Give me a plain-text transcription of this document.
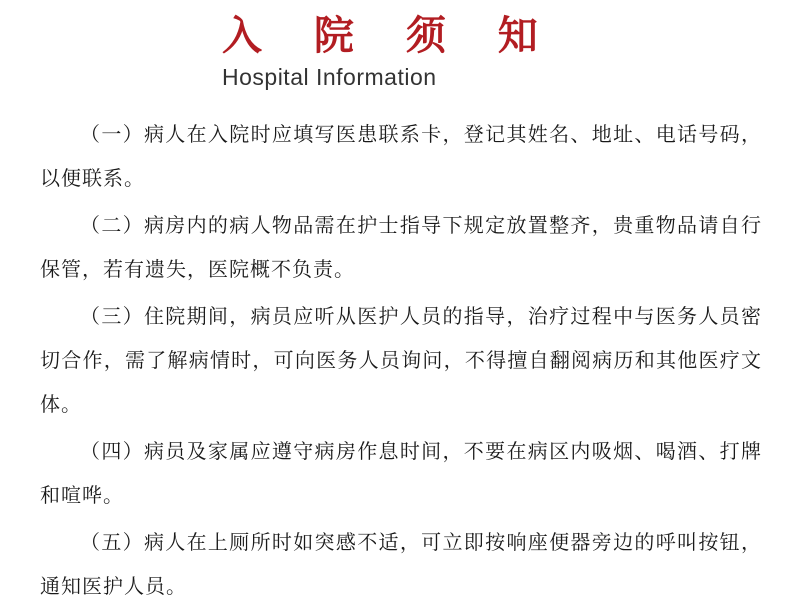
入 院 须 知
Hospital Information
（一）病人在入院时应填写医患联系卡，登记其姓名、地址、电话号码，以便联系。
（二）病房内的病人物品需在护士指导下规定放置整齐，贵重物品请自行保管，若有遗失，医院概不负责。
（三）住院期间，病员应听从医护人员的指导，治疗过程中与医务人员密切合作，需了解病情时，可向医务人员询问，不得擅自翻阅病历和其他医疗文体。
（四）病员及家属应遵守病房作息时间，不要在病区内吸烟、喝酒、打牌和喧哗。
（五）病人在上厕所时如突感不适，可立即按响座便器旁边的呼叫按钮，通知医护人员。
